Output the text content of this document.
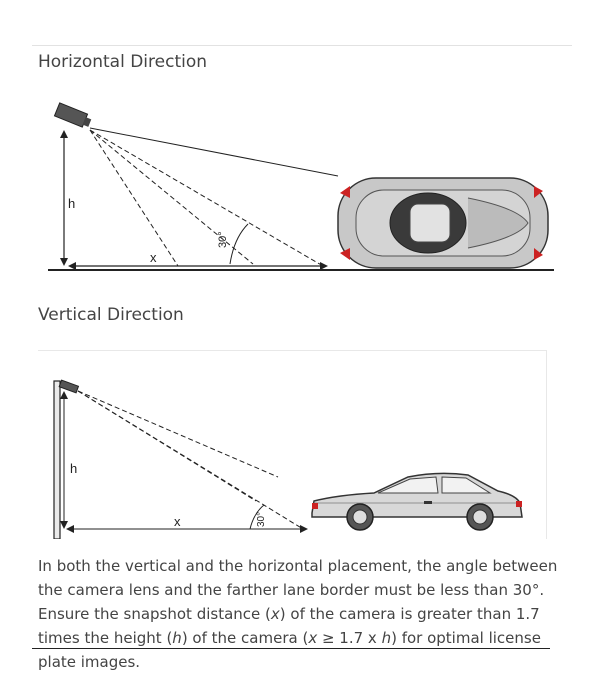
Horizontal Direction
h
30°
x
Vertical Direction
h
30°
x

In both the vertical and the horizontal placement, the angle between the camera lens and the farther lane border must be less than 30°. Ensure the snapshot distance (x) of the camera is greater than 1.7 times the height (h) of the camera (x ≥ 1.7 x h) for optimal license plate images.
